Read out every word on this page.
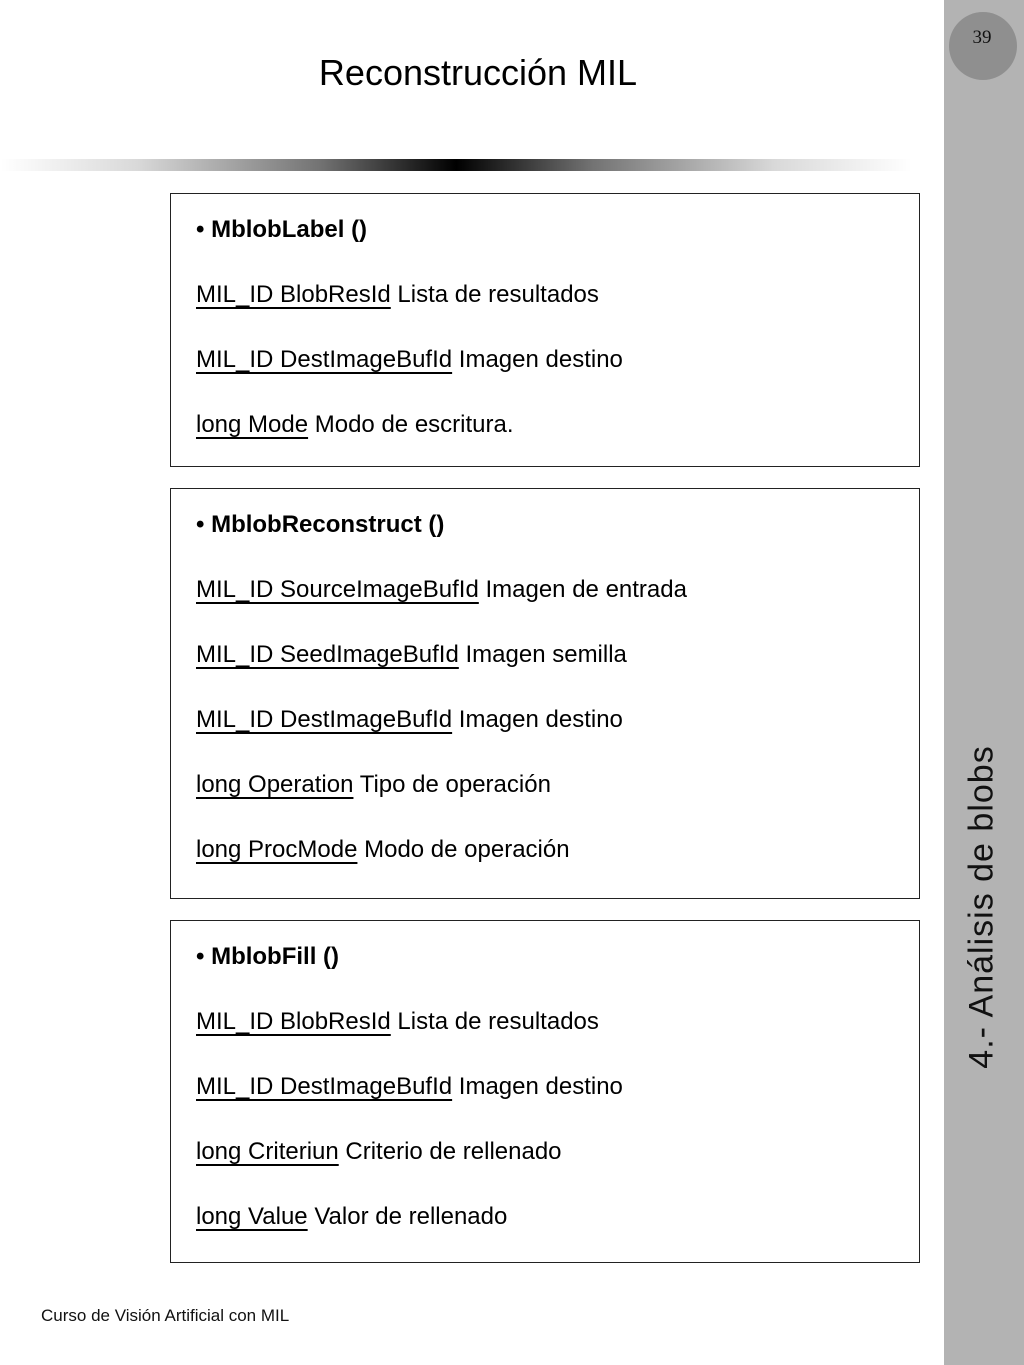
39
4.- Análisis de blobs
Reconstrucción MIL
• MblobLabel ()
MIL_ID BlobResId Lista de resultados
MIL_ID DestImageBufId Imagen destino
long Mode Modo de escritura.
• MblobReconstruct ()
MIL_ID SourceImageBufId Imagen de entrada
MIL_ID SeedImageBufId Imagen semilla
MIL_ID DestImageBufId Imagen destino
long Operation Tipo de operación
long ProcMode Modo de operación
• MblobFill ()
MIL_ID BlobResId Lista de resultados
MIL_ID DestImageBufId Imagen destino
long Criteriun Criterio de rellenado
long Value Valor de rellenado
Curso de Visión Artificial con MIL
